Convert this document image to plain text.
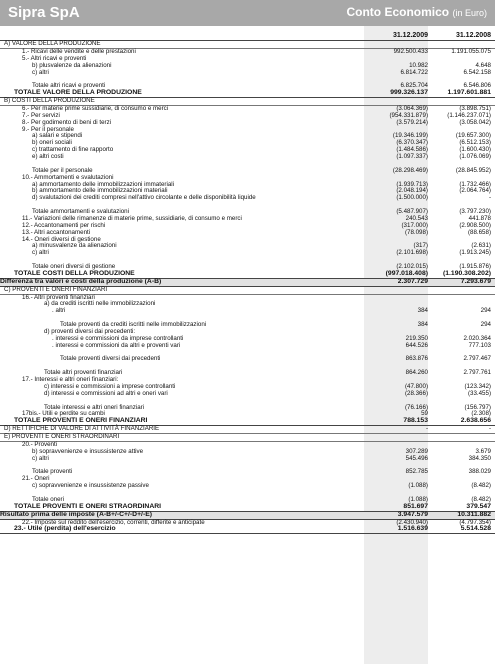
Sipra SpA	Conto Economico (in Euro)
31.12.2009	31.12.2008
A) VALORE DELLA PRODUZIONE
1.- Ricavi delle vendite e delle prestazioni	992.500.433	1.191.055.075
5.- Altri ricavi e proventi
b) plusvalenze da alienazioni	10.982	4.648
c) altri	6.814.722	6.542.158
Totale altri ricavi e proventi	6.825.704	6.546.806
TOTALE VALORE DELLA PRODUZIONE	999.326.137	1.197.601.881
B) COSTI DELLA PRODUZIONE
6.- Per materie prime sussidiarie, di consumo e merci	(3.064.369)	(3.898.751)
7.- Per servizi	(954.331.879)	(1.146.237.071)
8.- Per godimento di beni di terzi	(3.579.214)	(3.058.042)
9.- Per il personale
a) salari e stipendi	(19.346.199)	(19.657.300)
b) oneri sociali	(6.370.347)	(6.512.153)
c) trattamento di fine rapporto	(1.484.586)	(1.600.430)
e) altri costi	(1.097.337)	(1.076.069)
Totale per il personale	(28.298.469)	(28.845.952)
10.- Ammortamenti e svalutazioni
a) ammortamento delle immobilizzazioni immateriali	(1.939.713)	(1.732.466)
b) ammortamento delle immobilizzazioni materiali	(2.048.194)	(2.064.764)
d) svalutazioni dei crediti compresi nell'attivo circolante e delle disponibilità liquide	(1.500.000)	-
Totale ammortamenti e svalutazioni	(5.487.907)	(3.797.230)
11.- Variazioni delle rimanenze di materie prime, sussidiarie, di consumo e merci	240.543	441.878
12.- Accantonamenti per rischi	(317.000)	(2.908.500)
13.- Altri accantonamenti	(78.098)	(88.658)
14.- Oneri diversi di gestione
a) minusvalenze da alienazioni	(317)	(2.631)
c) altri	(2.101.698)	(1.913.245)
Totale oneri diversi di gestione	(2.102.015)	(1.915.876)
TOTALE COSTI DELLA PRODUZIONE	(997.018.408)	(1.190.308.202)
Differenza tra valori e costi della produzione (A-B)	2.307.729	7.293.679
C) PROVENTI E ONERI FINANZIARI
16.- Altri proventi finanziari
a) da crediti iscritti nelle immobilizzazioni
. altri	384	294
Totale proventi da crediti iscritti nelle immobilizzazioni	384	294
d) proventi diversi dai precedenti:
. interessi e commissioni da imprese controllanti	219.350	2.020.364
. interessi e commissioni da altri e proventi vari	644.526	777.103
Totale proventi diversi dai precedenti	863.876	2.797.467
Totale altri proventi finanziari	864.260	2.797.761
17.- Interessi e altri oneri finanziari:
c) interessi e commissioni a imprese controllanti	(47.800)	(123.342)
d) interessi e commissioni ad altri e oneri vari	(28.366)	(33.455)
Totale interessi e altri oneri finanziari	(76.166)	(156.797)
17bis.- Utili e perdite su cambi	59	(2.308)
TOTALE PROVENTI E ONERI FINANZIARI	788.153	2.638.656
D) RETTIFICHE DI VALORE DI ATTIVITÀ FINANZIARIE	-	-
E) PROVENTI E ONERI STRAORDINARI
20.- Proventi
b) sopravvenienze e insussistenze attive	307.289	3.679
c) altri	545.496	384.350
Totale proventi	852.785	388.029
21.- Oneri
c) sopravvenienze e insussistenze passive	(1.088)	(8.482)
Totale oneri	(1.088)	(8.482)
TOTALE PROVENTI E ONERI STRAORDINARI	851.697	379.547
Risultato prima delle imposte (A-B+/-C+/-D+/-E)	3.947.579	10.311.882
22.- Imposte sul reddito dell'esercizio, correnti, differite e anticipate	(2.430.940)	(4.797.354)
23.- Utile (perdita) dell'esercizio	1.516.639	5.514.528
